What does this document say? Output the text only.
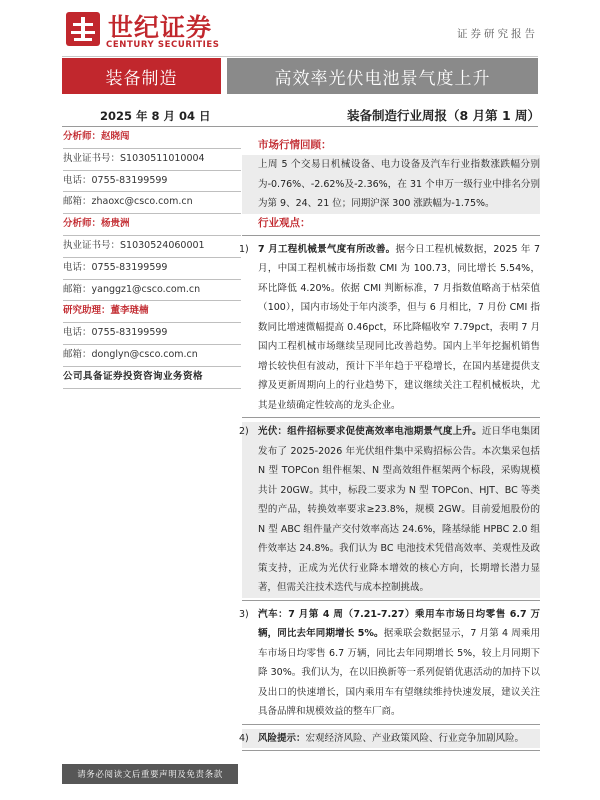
世纪证券
CENTURY SECURITIES
证券研究报告
装备制造	高效率光伏电池景气度上升
2025 年 8 月 04 日	装备制造行业周报（8 月第 1 周）
分析师：赵晓闯
执业证书号：S1030511010004
电话：0755-83199599
邮箱：zhaoxc@csco.com.cn
分析师：杨贵洲
执业证书号：S1030524060001
电话：0755-83199599
邮箱：yanggz1@csco.com.cn
研究助理：董李琏楠
电话：0755-83199599
邮箱：donglyn@csco.com.cn
公司具备证券投资咨询业务资格
市场行情回顾：

上周 5 个交易日机械设备、电力设备及汽车行业指数涨跌幅分别为-0.76%、-2.62%及-2.36%，在 31 个申万一级行业中排名分别为第 9、24、21 位；同期沪深 300 涨跌幅为-1.75%。

行业观点：
1) 7 月工程机械景气度有所改善。据今日工程机械数据，2025 年 7 月，中国工程机械市场指数 CMI 为 100.73，同比增长 5.54%，环比降低 4.20%。依据 CMI 判断标准，7 月指数值略高于枯荣值（100），国内市场处于年内淡季，但与 6 月相比，7 月份 CMI 指数同比增速微幅提高 0.46pct，环比降幅收窄 7.79pct，表明 7 月国内工程机械市场继续呈现同比改善趋势。国内上半年挖掘机销售增长较快但有波动，预计下半年趋于平稳增长，在国内基建提供支撑及更新周期向上的行业趋势下，建议继续关注工程机械板块，尤其是业绩确定性较高的龙头企业。

2) 光伏：组件招标要求促使高效率电池期景气度上升。近日华电集团发布了 2025-2026 年光伏组件集中采购招标公告。本次集采包括 N 型 TOPCon 组件框架、N 型高效组件框架两个标段，采购规模共计 20GW。其中，标段二要求为 N 型 TOPCon、HJT、BC 等类型的产品，转换效率要求≥23.8%，规模 2GW。目前爱旭股份的 N 型 ABC 组件量产交付效率高达 24.6%，隆基绿能 HPBC 2.0 组件效率达 24.8%。我们认为 BC 电池技术凭借高效率、美观性及政策支持，正成为光伏行业降本增效的核心方向，长期增长潜力显著，但需关注技术迭代与成本控制挑战。

3) 汽车：7 月第 4 周（7.21-7.27）乘用车市场日均零售 6.7 万辆，同比去年同期增长 5%。据乘联会数据显示，7 月第 4 周乘用车市场日均零售 6.7 万辆，同比去年同期增长 5%，较上月同期下降 30%。我们认为，在以旧换新等一系列促销优惠活动的加持下以及出口的快速增长，国内乘用车有望继续维持快速发展，建议关注具备品牌和规模效益的整车厂商。

4) 风险提示：宏观经济风险、产业政策风险、行业竞争加剧风险。

请务必阅读文后重要声明及免责条款
